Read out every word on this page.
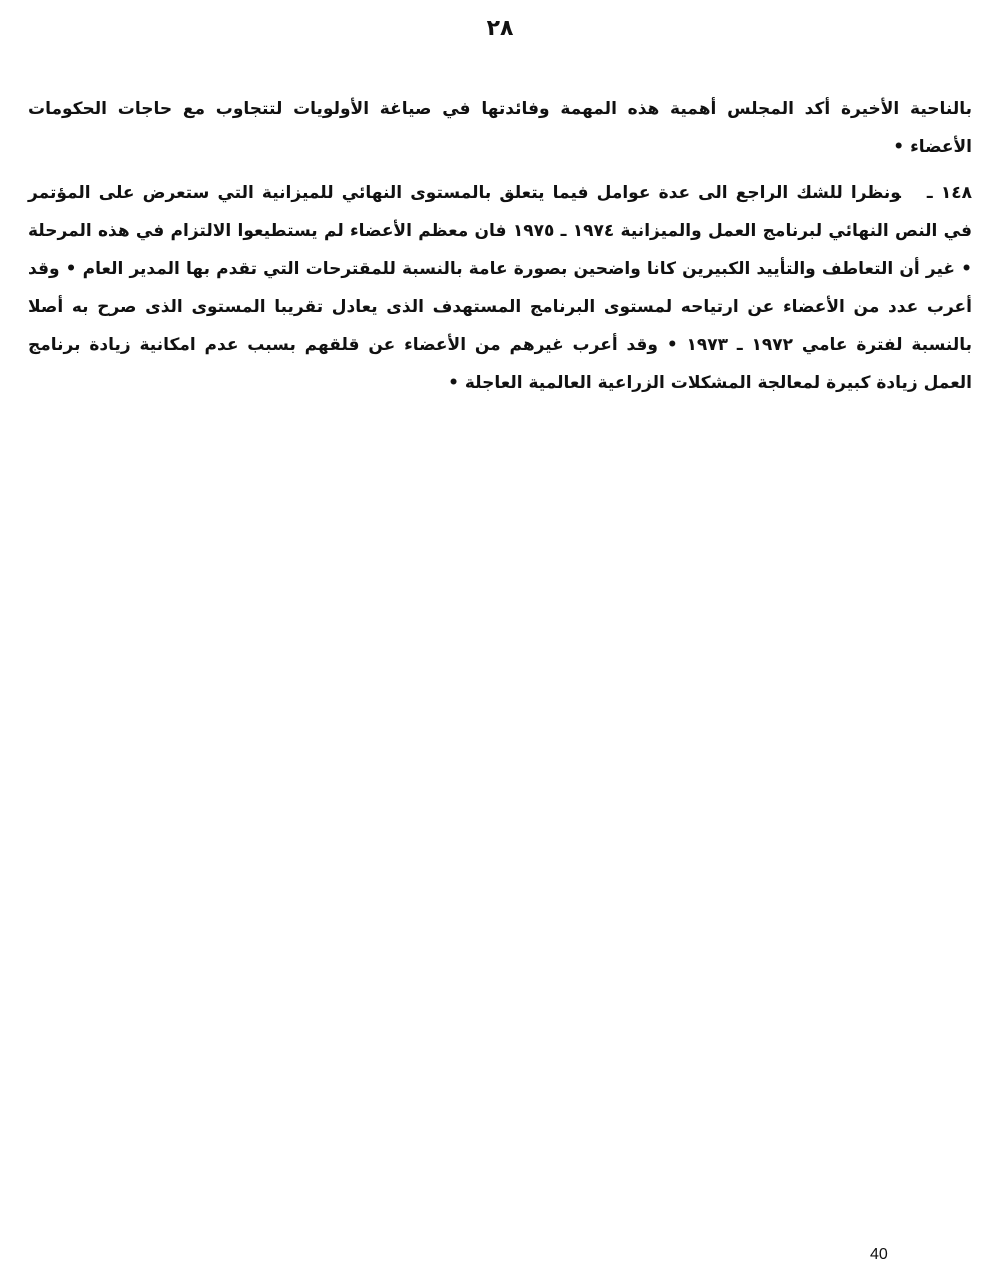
٢٨

بالناحية الأخيرة أكد المجلس أهمية هذه المهمة وفائدتها في صياغة الأولويات لتتجاوب مع حاجات الحكومات الأعضاء •

١٤٨ ـونظرا للشك الراجع الى عدة عوامل فيما يتعلق بالمستوى النهائي للميزانية التي ستعرض على المؤتمر في النص النهائي لبرنامج العمل والميزانية ١٩٧٤ ـ ١٩٧٥ فان معظم الأعضاء لم يستطيعوا الالتزام في هذه المرحلة • غير أن التعاطف والتأييد الكبيرين كانا واضحين بصورة عامة بالنسبة للمقترحات التي تقدم بها المدير العام • وقد أعرب عدد من الأعضاء عن ارتياحه لمستوى البرنامج المستهدف الذى يعادل تقريبا المستوى الذى صرح به أصلا بالنسبة لفترة عامي ١٩٧٢ ـ ١٩٧٣ • وقد أعرب غيرهم من الأعضاء عن قلقهم بسبب عدم امكانية زيادة برنامج العمل زيادة كبيرة لمعالجة المشكلات الزراعية العالمية العاجلة •

40
